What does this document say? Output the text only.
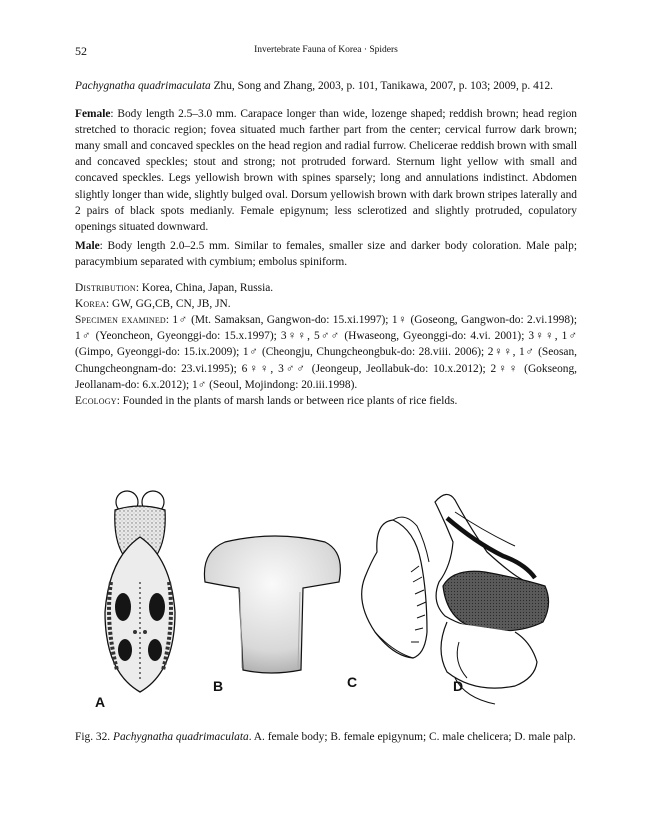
52	Invertebrate Fauna of Korea · Spiders

Pachygnatha quadrimaculata Zhu, Song and Zhang, 2003, p. 101, Tanikawa, 2007, p. 103; 2009, p. 412.

Female: Body length 2.5–3.0 mm. Carapace longer than wide, lozenge shaped; reddish brown; head region stretched to thoracic region; fovea situated much farther part from the center; cervical furrow dark brown; many small and concaved speckles on the head region and radial furrow. Chelicerae reddish brown with small and concaved speckles; stout and strong; not protruded forward. Sternum light yellow with small and concaved speckles. Legs yellowish brown with spines sparsely; long and annulations indistinct. Abdomen slightly longer than wide, slightly bulged oval. Dorsum yellowish brown with dark brown stripes laterally and 2 pairs of black spots medianly. Female epigynum; less sclerotized and slightly protruded, copulatory openings situated downward.

Male: Body length 2.0–2.5 mm. Similar to females, smaller size and darker body coloration. Male palp; paracymbium separated with cymbium; embolus spiniform.

Distribution: Korea, China, Japan, Russia.

Korea: GW, GG,CB, CN, JB, JN.

Specimen examined: 1♂ (Mt. Samaksan, Gangwon-do: 15.xi.1997); 1♀ (Goseong, Gangwon-do: 2.vi.1998); 1♂ (Yeoncheon, Gyeonggi-do: 15.x.1997); 3♀♀, 5♂♂ (Hwaseong, Gyeonggi-do: 4.vi. 2001); 3♀♀, 1♂ (Gimpo, Gyeonggi-do: 15.ix.2009); 1♂ (Cheongju, Chungcheongbuk-do: 28.viii. 2006); 2♀♀, 1♂ (Seosan, Chungcheongnam-do: 23.vi.1995); 6♀♀, 3♂♂ (Jeongeup, Jeollabuk-do: 10.x.2012); 2♀♀ (Gokseong, Jeollanam-do: 6.x.2012); 1♂ (Seoul, Mojindong: 20.iii.1998).

Ecology: Founded in the plants of marsh lands or between rice plants of rice fields.

A
B	C	D

Fig. 32. Pachygnatha quadrimaculata. A. female body; B. female epigynum; C. male chelicera; D. male palp.
